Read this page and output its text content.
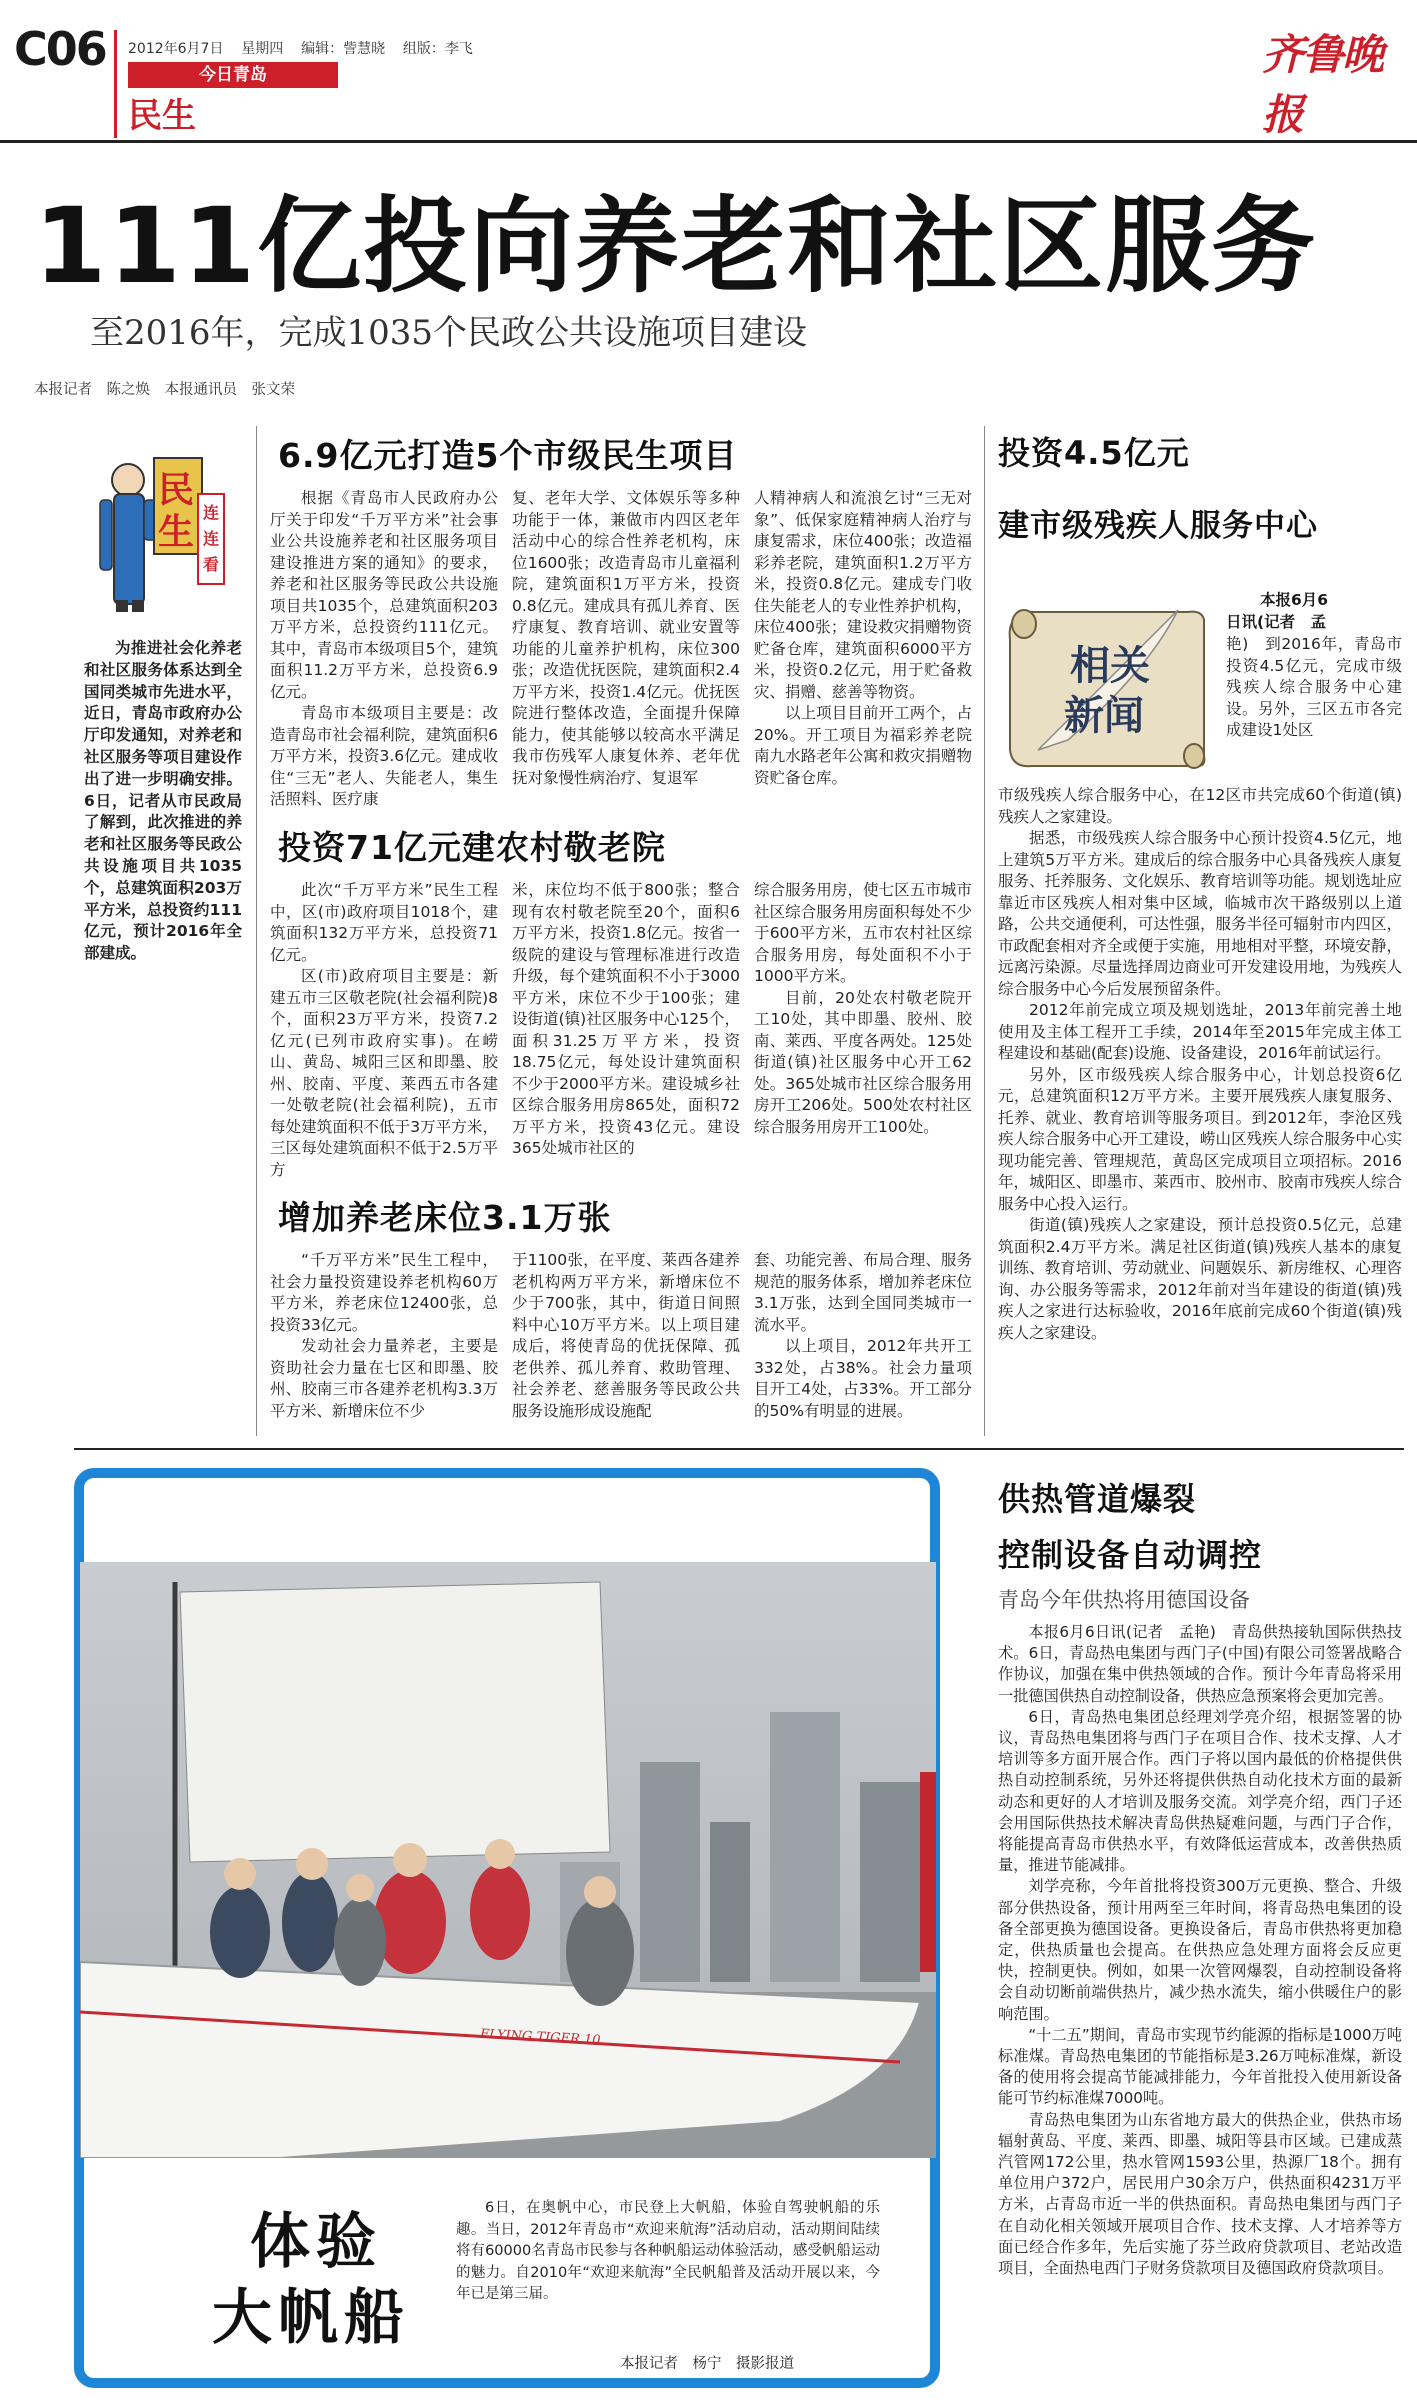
C06 2012年6月7日 星期四 编辑：訾慧晓 组版：李飞
今日青岛
民生
齐鲁晚报
111亿投向养老和社区服务
至2016年，完成1035个民政公共设施项目建设
本报记者　陈之焕　本报通讯员　张文荣
民
生 连连看
为推进社会化养老和社区服务体系达到全国同类城市先进水平，近日，青岛市政府办公厅印发通知，对养老和社区服务等项目建设作出了进一步明确安排。6日，记者从市民政局了解到，此次推进的养老和社区服务等民政公共设施项目共1035个，总建筑面积203万平方米，总投资约111亿元，预计2016年全部建成。
6.9亿元打造5个市级民生项目

根据《青岛市人民政府办公厅关于印发“千万平方米”社会事业公共设施养老和社区服务项目建设推进方案的通知》的要求，养老和社区服务等民政公共设施项目共1035个，总建筑面积203万平方米，总投资约111亿元。其中，青岛市本级项目5个，建筑面积11.2万平方米，总投资6.9亿元。

青岛市本级项目主要是：改造青岛市社会福利院，建筑面积6万平方米，投资3.6亿元。建成收住“三无”老人、失能老人，集生活照料、医疗康

复、老年大学、文体娱乐等多种功能于一体，兼做市内四区老年活动中心的综合性养老机构，床位1600张；改造青岛市儿童福利院，建筑面积1万平方米，投资0.8亿元。建成具有孤儿养育、医疗康复、教育培训、就业安置等功能的儿童养护机构，床位300张；改造优抚医院，建筑面积2.4万平方米，投资1.4亿元。优抚医院进行整体改造，全面提升保障能力，使其能够以较高水平满足我市伤残军人康复休养、老年优抚对象慢性病治疗、复退军

人精神病人和流浪乞讨“三无对象”、低保家庭精神病人治疗与康复需求，床位400张；改造福彩养老院，建筑面积1.2万平方米，投资0.8亿元。建成专门收住失能老人的专业性养护机构，床位400张；建设救灾捐赠物资贮备仓库，建筑面积6000平方米，投资0.2亿元，用于贮备救灾、捐赠、慈善等物资。

以上项目目前开工两个，占20%。开工项目为福彩养老院南九水路老年公寓和救灾捐赠物资贮备仓库。

投资71亿元建农村敬老院

此次“千万平方米”民生工程中，区(市)政府项目1018个，建筑面积132万平方米，总投资71亿元。

区(市)政府项目主要是：新建五市三区敬老院(社会福利院)8个，面积23万平方米，投资7.2亿元(已列市政府实事)。在崂山、黄岛、城阳三区和即墨、胶州、胶南、平度、莱西五市各建一处敬老院(社会福利院)，五市每处建筑面积不低于3万平方米，三区每处建筑面积不低于2.5万平方

米，床位均不低于800张；整合现有农村敬老院至20个，面积6万平方米，投资1.8亿元。按省一级院的建设与管理标准进行改造升级，每个建筑面积不小于3000平方米，床位不少于100张；建设街道(镇)社区服务中心125个，面积31.25万平方米，投资18.75亿元，每处设计建筑面积不少于2000平方米。建设城乡社区综合服务用房865处，面积72万平方米，投资43亿元。建设365处城市社区的

综合服务用房，使七区五市城市社区综合服务用房面积每处不少于600平方米，五市农村社区综合服务用房，每处面积不小于1000平方米。

目前，20处农村敬老院开工10处，其中即墨、胶州、胶南、莱西、平度各两处。125处街道(镇)社区服务中心开工62处。365处城市社区综合服务用房开工206处。500处农村社区综合服务用房开工100处。

增加养老床位3.1万张

“千万平方米”民生工程中，社会力量投资建设养老机构60万平方米，养老床位12400张，总投资33亿元。

发动社会力量养老，主要是资助社会力量在七区和即墨、胶州、胶南三市各建养老机构3.3万平方米、新增床位不少

于1100张，在平度、莱西各建养老机构两万平方米，新增床位不少于700张，其中，街道日间照料中心10万平方米。以上项目建成后，将使青岛的优抚保障、孤老供养、孤儿养育、救助管理、社会养老、慈善服务等民政公共服务设施形成设施配

套、功能完善、布局合理、服务规范的服务体系，增加养老床位3.1万张，达到全国同类城市一流水平。

以上项目，2012年共开工332处，占38%。社会力量项目开工4处，占33%。开工部分的50%有明显的进展。

投资4.5亿元
建市级残疾人服务中心
相关
新闻
本报6月6
日讯(记者　孟
艳)　到2016年，青岛市投资4.5亿元，完成市级残疾人综合服务中心建设。另外，三区五市各完成建设1处区

市级残疾人综合服务中心，在12区市共完成60个街道(镇)残疾人之家建设。

据悉，市级残疾人综合服务中心预计投资4.5亿元，地上建筑5万平方米。建成后的综合服务中心具备残疾人康复服务、托养服务、文化娱乐、教育培训等功能。规划选址应靠近市区残疾人相对集中区域，临城市次干路级别以上道路，公共交通便利，可达性强，服务半径可辐射市内四区，市政配套相对齐全或便于实施，用地相对平整，环境安静，远离污染源。尽量选择周边商业可开发建设用地，为残疾人综合服务中心今后发展预留条件。

2012年前完成立项及规划选址，2013年前完善土地使用及主体工程开工手续，2014年至2015年完成主体工程建设和基础(配套)设施、设备建设，2016年前试运行。

另外，区市级残疾人综合服务中心，计划总投资6亿元，总建筑面积12万平方米。主要开展残疾人康复服务、托养、就业、教育培训等服务项目。到2012年，李沧区残疾人综合服务中心开工建设，崂山区残疾人综合服务中心实现功能完善、管理规范，黄岛区完成项目立项招标。2016年，城阳区、即墨市、莱西市、胶州市、胶南市残疾人综合服务中心投入运行。

街道(镇)残疾人之家建设，预计总投资0.5亿元，总建筑面积2.4万平方米。满足社区街道(镇)残疾人基本的康复训练、教育培训、劳动就业、问题娱乐、新房维权、心理咨询、办公服务等需求，2012年前对当年建设的街道(镇)残疾人之家进行达标验收，2016年底前完成60个街道(镇)残疾人之家建设。

FLYING TIGER 10
体验
大帆船
6日，在奥帆中心，市民登上大帆船，体验自驾驶帆船的乐趣。当日，2012年青岛市“欢迎来航海”活动启动，活动期间陆续将有60000名青岛市民参与各种帆船运动体验活动，感受帆船运动的魅力。自2010年“欢迎来航海”全民帆船普及活动开展以来，今年已是第三届。
本报记者　杨宁　摄影报道
供热管道爆裂
控制设备自动调控
青岛今年供热将用德国设备

本报6月6日讯(记者　孟艳)　青岛供热接轨国际供热技术。6日，青岛热电集团与西门子(中国)有限公司签署战略合作协议，加强在集中供热领域的合作。预计今年青岛将采用一批德国供热自动控制设备，供热应急预案将会更加完善。

6日，青岛热电集团总经理刘学亮介绍，根据签署的协议，青岛热电集团将与西门子在项目合作、技术支撑、人才培训等多方面开展合作。西门子将以国内最低的价格提供供热自动控制系统，另外还将提供供热自动化技术方面的最新动态和更好的人才培训及服务交流。刘学亮介绍，西门子还会用国际供热技术解决青岛供热疑难问题，与西门子合作，将能提高青岛市供热水平，有效降低运营成本，改善供热质量，推进节能减排。

刘学亮称，今年首批将投资300万元更换、整合、升级部分供热设备，预计用两至三年时间，将青岛热电集团的设备全部更换为德国设备。更换设备后，青岛市供热将更加稳定，供热质量也会提高。在供热应急处理方面将会反应更快，控制更快。例如，如果一次管网爆裂，自动控制设备将会自动切断前端供热片，减少热水流失，缩小供暖住户的影响范围。

“十二五”期间，青岛市实现节约能源的指标是1000万吨标准煤。青岛热电集团的节能指标是3.26万吨标准煤，新设备的使用将会提高节能减排能力，今年首批投入使用新设备能可节约标准煤7000吨。

青岛热电集团为山东省地方最大的供热企业，供热市场辐射黄岛、平度、莱西、即墨、城阳等县市区域。已建成蒸汽管网172公里，热水管网1593公里，热源厂18个。拥有单位用户372户，居民用户30余万户，供热面积4231万平方米，占青岛市近一半的供热面积。青岛热电集团与西门子在自动化相关领域开展项目合作、技术支撑、人才培养等方面已经合作多年，先后实施了芬兰政府贷款项目、老站改造项目，全面热电西门子财务贷款项目及德国政府贷款项目。
